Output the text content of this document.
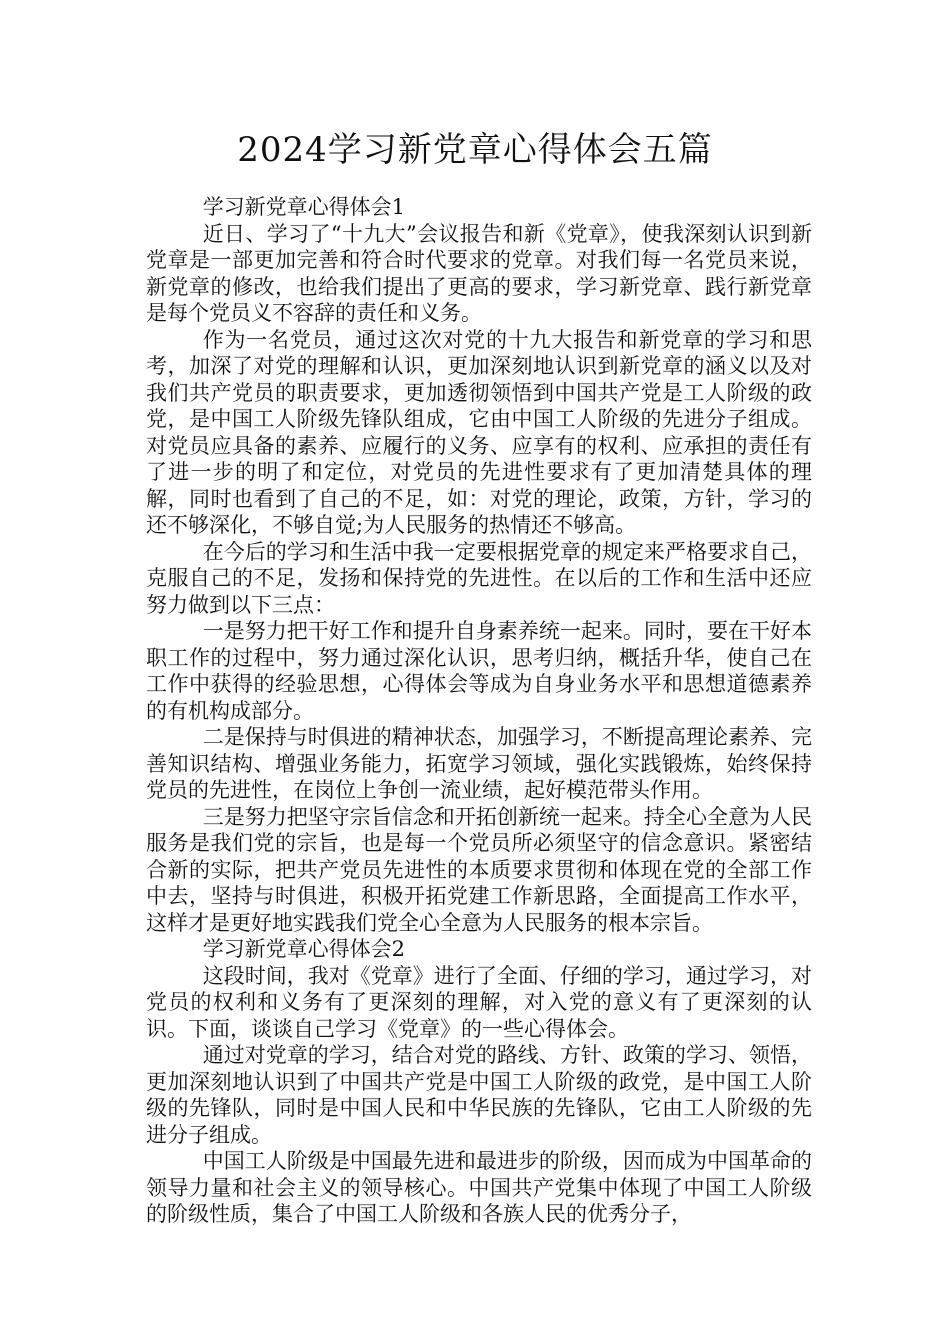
2024学习新党章心得体会五篇

学习新党章心得体会1

近日、学习了“十九大”会议报告和新《党章》，使我深刻认识到新党章是一部更加完善和符合时代要求的党章。对我们每一名党员来说，新党章的修改，也给我们提出了更高的要求，学习新党章、践行新党章是每个党员义不容辞的责任和义务。

作为一名党员，通过这次对党的十九大报告和新党章的学习和思考，加深了对党的理解和认识，更加深刻地认识到新党章的涵义以及对我们共产党员的职责要求，更加透彻领悟到中国共产党是工人阶级的政党，是中国工人阶级先锋队组成，它由中国工人阶级的先进分子组成。对党员应具备的素养、应履行的义务、应享有的权利、应承担的责任有了进一步的明了和定位，对党员的先进性要求有了更加清楚具体的理解，同时也看到了自己的不足，如：对党的理论，政策，方针，学习的还不够深化，不够自觉;为人民服务的热情还不够高。

在今后的学习和生活中我一定要根据党章的规定来严格要求自己，克服自己的不足，发扬和保持党的先进性。在以后的工作和生活中还应努力做到以下三点：

一是努力把干好工作和提升自身素养统一起来。同时，要在干好本职工作的过程中，努力通过深化认识，思考归纳，概括升华，使自己在工作中获得的经验思想，心得体会等成为自身业务水平和思想道德素养的有机构成部分。

二是保持与时俱进的精神状态，加强学习，不断提高理论素养、完善知识结构、增强业务能力，拓宽学习领域，强化实践锻炼，始终保持党员的先进性，在岗位上争创一流业绩，起好模范带头作用。

三是努力把坚守宗旨信念和开拓创新统一起来。持全心全意为人民服务是我们党的宗旨，也是每一个党员所必须坚守的信念意识。紧密结合新的实际，把共产党员先进性的本质要求贯彻和体现在党的全部工作中去，坚持与时俱进，积极开拓党建工作新思路，全面提高工作水平，这样才是更好地实践我们党全心全意为人民服务的根本宗旨。

学习新党章心得体会2

这段时间，我对《党章》进行了全面、仔细的学习，通过学习，对党员的权利和义务有了更深刻的理解，对入党的意义有了更深刻的认识。下面，谈谈自己学习《党章》的一些心得体会。

通过对党章的学习，结合对党的路线、方针、政策的学习、领悟，更加深刻地认识到了中国共产党是中国工人阶级的政党，是中国工人阶级的先锋队，同时是中国人民和中华民族的先锋队，它由工人阶级的先进分子组成。

中国工人阶级是中国最先进和最进步的阶级，因而成为中国革命的领导力量和社会主义的领导核心。中国共产党集中体现了中国工人阶级的阶级性质，集合了中国工人阶级和各族人民的优秀分子，
